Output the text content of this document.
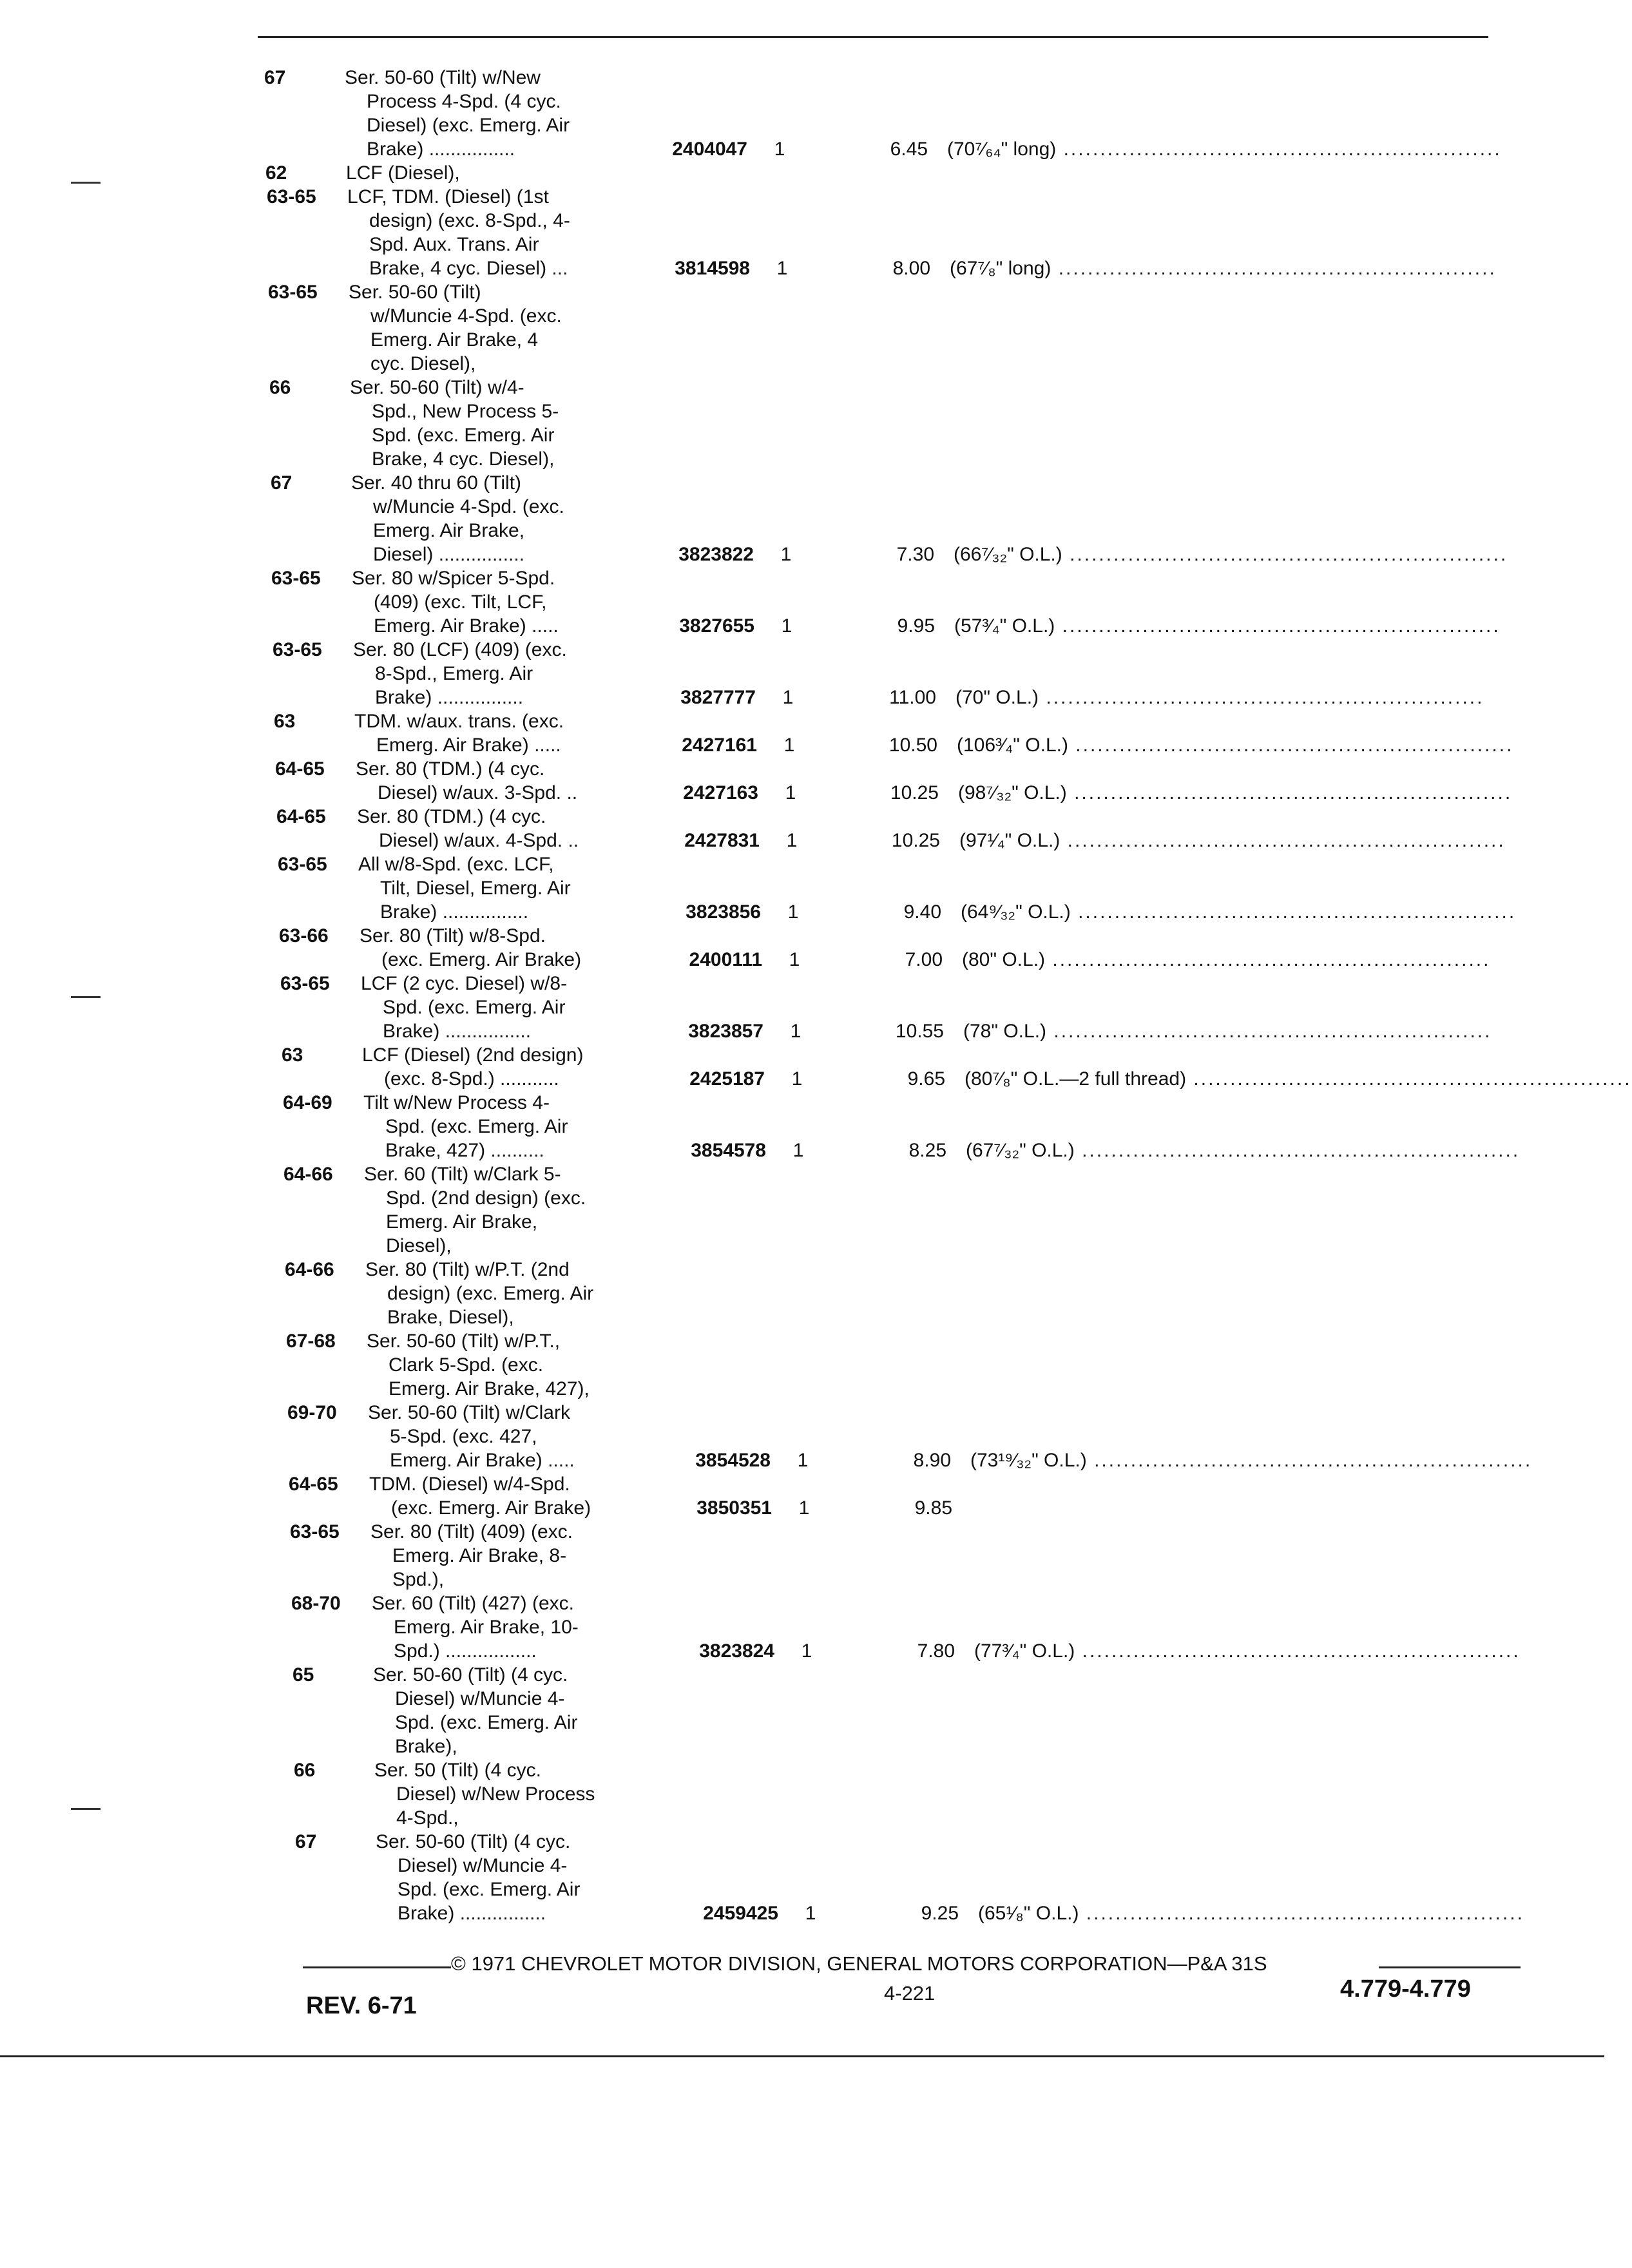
67	Ser. 50-60 (Tilt) w/New
Process 4-Spd. (4 cyc.
Diesel) (exc. Emerg. Air
Brake) ................	2404047	1	6.45 (70⁷⁄₆₄" long) ............................................................
62	LCF (Diesel),
63-65	LCF, TDM. (Diesel) (1st
design) (exc. 8-Spd., 4-
Spd. Aux. Trans. Air
Brake, 4 cyc. Diesel) ...	3814598	1	8.00 (67⁷⁄₈" long) ............................................................
63-65	Ser. 50-60 (Tilt)
w/Muncie 4-Spd. (exc.
Emerg. Air Brake, 4
cyc. Diesel),
66	Ser. 50-60 (Tilt) w/4-
Spd., New Process 5-
Spd. (exc. Emerg. Air
Brake, 4 cyc. Diesel),
67	Ser. 40 thru 60 (Tilt)
w/Muncie 4-Spd. (exc.
Emerg. Air Brake,
Diesel) ................	3823822	1	7.30 (66⁷⁄₃₂" O.L.) ............................................................
63-65	Ser. 80 w/Spicer 5-Spd.
(409) (exc. Tilt, LCF,
Emerg. Air Brake) .....	3827655	1	9.95 (57³⁄₄" O.L.) ............................................................
63-65	Ser. 80 (LCF) (409) (exc.
8-Spd., Emerg. Air
Brake) ................	3827777	1	11.00 (70" O.L.) ............................................................
63	TDM. w/aux. trans. (exc.
Emerg. Air Brake) .....	2427161	1	10.50 (106³⁄₄" O.L.) ............................................................
64-65	Ser. 80 (TDM.) (4 cyc.
Diesel) w/aux. 3-Spd. ..	2427163	1	10.25 (98⁷⁄₃₂" O.L.) ............................................................
64-65	Ser. 80 (TDM.) (4 cyc.
Diesel) w/aux. 4-Spd. ..	2427831	1	10.25 (97¹⁄₄" O.L.) ............................................................
63-65	All w/8-Spd. (exc. LCF,
Tilt, Diesel, Emerg. Air
Brake) ................	3823856	1	9.40 (64⁹⁄₃₂" O.L.) ............................................................
63-66	Ser. 80 (Tilt) w/8-Spd.
(exc. Emerg. Air Brake)	2400111	1	7.00 (80" O.L.) ............................................................
63-65	LCF (2 cyc. Diesel) w/8-
Spd. (exc. Emerg. Air
Brake) ................	3823857	1	10.55 (78" O.L.) ............................................................
63	LCF (Diesel) (2nd design)
(exc. 8-Spd.) ...........	2425187	1	9.65 (80⁷⁄₈" O.L.—2 full thread) ............................................................
64-69	Tilt w/New Process 4-
Spd. (exc. Emerg. Air
Brake, 427) ..........	3854578	1	8.25 (67⁷⁄₃₂" O.L.) ............................................................
64-66	Ser. 60 (Tilt) w/Clark 5-
Spd. (2nd design) (exc.
Emerg. Air Brake,
Diesel),
64-66	Ser. 80 (Tilt) w/P.T. (2nd
design) (exc. Emerg. Air
Brake, Diesel),
67-68	Ser. 50-60 (Tilt) w/P.T.,
Clark 5-Spd. (exc.
Emerg. Air Brake, 427),
69-70	Ser. 50-60 (Tilt) w/Clark
5-Spd. (exc. 427,
Emerg. Air Brake) .....	3854528	1	8.90 (73¹⁹⁄₃₂" O.L.) ............................................................
64-65	TDM. (Diesel) w/4-Spd.
(exc. Emerg. Air Brake)	3850351	1	9.85
63-65	Ser. 80 (Tilt) (409) (exc.
Emerg. Air Brake, 8-
Spd.),
68-70	Ser. 60 (Tilt) (427) (exc.
Emerg. Air Brake, 10-
Spd.) .................	3823824	1	7.80 (77³⁄₄" O.L.) ............................................................
65	Ser. 50-60 (Tilt) (4 cyc.
Diesel) w/Muncie 4-
Spd. (exc. Emerg. Air
Brake),
66	Ser. 50 (Tilt) (4 cyc.
Diesel) w/New Process
4-Spd.,
67	Ser. 50-60 (Tilt) (4 cyc.
Diesel) w/Muncie 4-
Spd. (exc. Emerg. Air
Brake) ................	2459425	1	9.25 (65¹⁄₈" O.L.) ............................................................
© 1971 CHEVROLET MOTOR DIVISION, GENERAL MOTORS CORPORATION—P&A 31S
4-221	4.779-4.779
REV. 6-71
